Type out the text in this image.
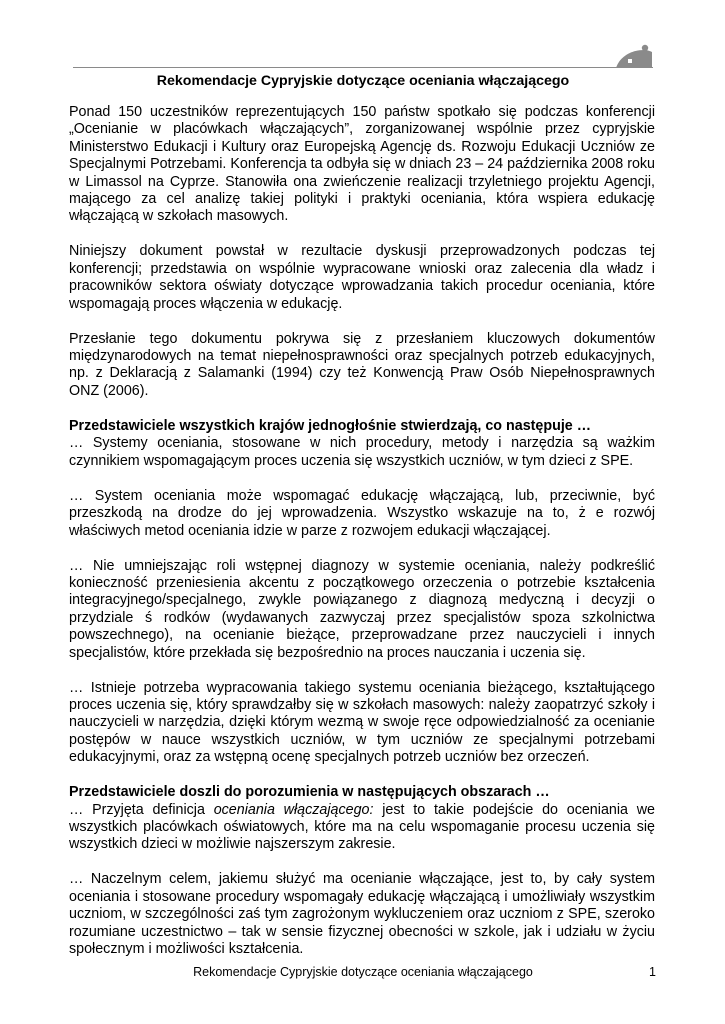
Rekomendacje Cypryjskie dotyczące oceniania włączającego

Ponad 150 uczestników reprezentujących 150 państw spotkało się podczas konferencji „Ocenianie w placówkach włączających”, zorganizowanej wspólnie przez cypryjskie Ministerstwo Edukacji i Kultury oraz Europejską Agencję ds. Rozwoju Edukacji Uczniów ze Specjalnymi Potrzebami. Konferencja ta odbyła się w dniach 23 – 24 października 2008 roku w Limassol na Cyprze. Stanowiła ona zwieńczenie realizacji trzyletniego projektu Agencji, mającego za cel analizę takiej polityki i praktyki oceniania, która wspiera edukację włączającą w szkołach masowych.

Niniejszy dokument powstał w rezultacie dyskusji przeprowadzonych podczas tej konferencji; przedstawia on wspólnie wypracowane wnioski oraz zalecenia dla władz i pracowników sektora oświaty dotyczące wprowadzania takich procedur oceniania, które wspomagają proces włączenia w edukację.

Przesłanie tego dokumentu pokrywa się z przesłaniem kluczowych dokumentów międzynarodowych na temat niepełnosprawności oraz specjalnych potrzeb edukacyjnych, np. z Deklaracją z Salamanki (1994) czy też Konwencją Praw Osób Niepełnosprawnych ONZ (2006).

Przedstawiciele wszystkich krajów jednogłośnie stwierdzają, co następuje …

… Systemy oceniania, stosowane w nich procedury, metody i narzędzia są ważkim czynnikiem wspomagającym proces uczenia się wszystkich uczniów, w tym dzieci z SPE.

… System oceniania może wspomagać edukację włączającą, lub, przeciwnie, być przeszkodą na drodze do jej wprowadzenia. Wszystko wskazuje na to, ż e rozwój właściwych metod oceniania idzie w parze z rozwojem edukacji włączającej.

… Nie umniejszając roli wstępnej diagnozy w systemie oceniania, należy podkreślić konieczność przeniesienia akcentu z początkowego orzeczenia o potrzebie kształcenia integracyjnego/specjalnego, zwykle powiązanego z diagnozą medyczną i decyzji o przydziale ś rodków (wydawanych zazwyczaj przez specjalistów spoza szkolnictwa powszechnego), na ocenianie bieżące, przeprowadzane przez nauczycieli i innych specjalistów, które przekłada się bezpośrednio na proces nauczania i uczenia się.

… Istnieje potrzeba wypracowania takiego systemu oceniania bieżącego, kształtującego proces uczenia się, który sprawdzałby się w szkołach masowych: należy zaopatrzyć szkoły i nauczycieli w narzędzia, dzięki którym wezmą w swoje ręce odpowiedzialność za ocenianie postępów w nauce wszystkich uczniów, w tym uczniów ze specjalnymi potrzebami edukacyjnymi, oraz za wstępną ocenę specjalnych potrzeb uczniów bez orzeczeń.

Przedstawiciele doszli do porozumienia w następujących obszarach …

… Przyjęta definicja oceniania włączającego: jest to takie podejście do oceniania we wszystkich placówkach oświatowych, które ma na celu wspomaganie procesu uczenia się wszystkich dzieci w możliwie najszerszym zakresie.

… Naczelnym celem, jakiemu służyć ma ocenianie włączające, jest to, by cały system oceniania i stosowane procedury wspomagały edukację włączającą i umożliwiały wszystkim uczniom, w szczególności zaś tym zagrożonym wykluczeniem oraz uczniom z SPE, szeroko rozumiane uczestnictwo – tak w sensie fizycznej obecności w szkole, jak i udziału w życiu społecznym i możliwości kształcenia.

Rekomendacje Cypryjskie dotyczące oceniania włączającego	1
